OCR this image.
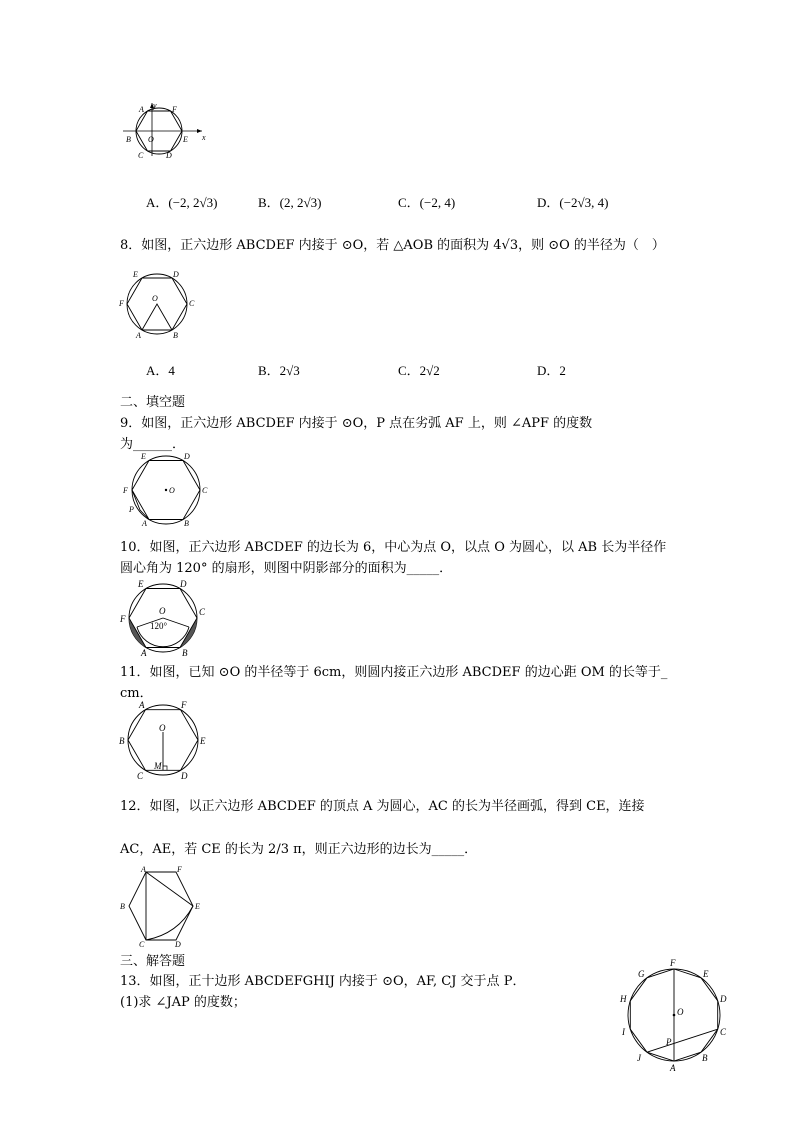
y
x
A	F
B O	E
C	D
A．(−2, 2√3)	B．(2, 2√3)	C．(−2, 4)	D．(−2√3, 4)
8．如图，正六边形 ABCDEF 内接于 ⊙O，若 △AOB 的面积为 4√3，则 ⊙O 的半径为（　）
E	D
F
O
C
A	B
A．4	B．2√3	C．2√2	D．2
二、填空题
9．如图，正六边形 ABCDEF 内接于 ⊙O，P 点在劣弧 AF 上，则 ∠APF 的度数
为______．
E	D
F	O	C
P
A	B
10．如图，正六边形 ABCDEF 的边长为 6，中心为点 O，以点 O 为圆心，以 AB 长为半径作
圆心角为 120° 的扇形，则图中阴影部分的面积为_____．
E	D
O
F
C
120°
A	B
11．如图，已知 ⊙O 的半径等于 6cm，则圆内接正六边形 ABCDEF 的边心距 OM 的长等于_
cm．
A	F
O
B	E
M
C	D
12．如图，以正六边形 ABCDEF 的顶点 A 为圆心，AC 的长为半径画弧，得到 CE，连接
AC，AE，若 CE 的长为 2/3 π，则正六边形的边长为_____．
A	F
B	E
C	D
三、解答题
13．如图，正十边形 ABCDEFGHIJ 内接于 ⊙O，AF, CJ 交于点 P．
(1)求 ∠JAP 的度数；
F
G	E
H	D
O
I	C
P
J	B
A
